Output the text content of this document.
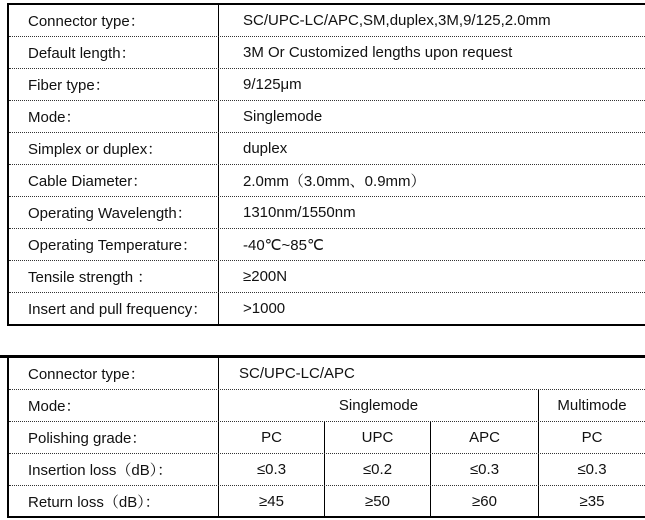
Connector type：	SC/UPC-LC/APC,SM,duplex,3M,9/125,2.0mm
Default length：	3M Or Customized lengths upon request
Fiber type：	9/125μm
Mode：	Singlemode
Simplex or duplex：	duplex
Cable Diameter：	2.0mm（3.0mm、0.9mm）
Operating Wavelength：	1310nm/1550nm
Operating Temperature：	-40℃~85℃
Tensile strength ：	≥200N
Insert and pull frequency：	>1000
Connector type：	SC/UPC-LC/APC
Mode：	Singlemode	Multimode
Polishing grade：	PC	UPC	APC	PC
Insertion loss（dB）：	≤0.3	≤0.2	≤0.3	≤0.3
Return loss（dB）：	≥45	≥50	≥60	≥35
